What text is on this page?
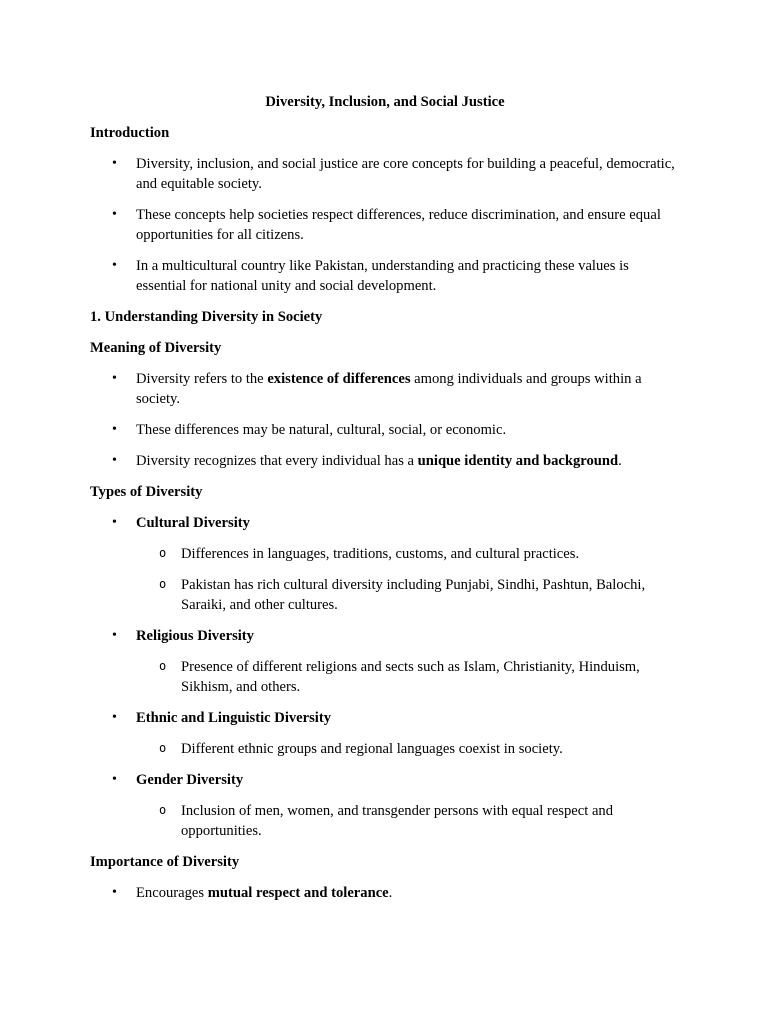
Diversity, Inclusion, and Social Justice
Introduction
• Diversity, inclusion, and social justice are core concepts for building a peaceful, democratic, and equitable society.
• These concepts help societies respect differences, reduce discrimination, and ensure equal opportunities for all citizens.
• In a multicultural country like Pakistan, understanding and practicing these values is essential for national unity and social development.
1. Understanding Diversity in Society
Meaning of Diversity
• Diversity refers to the existence of differences among individuals and groups within a society.
• These differences may be natural, cultural, social, or economic.
• Diversity recognizes that every individual has a unique identity and background.
Types of Diversity
• Cultural Diversity
o Differences in languages, traditions, customs, and cultural practices.
o Pakistan has rich cultural diversity including Punjabi, Sindhi, Pashtun, Balochi, Saraiki, and other cultures.
• Religious Diversity
o Presence of different religions and sects such as Islam, Christianity, Hinduism, Sikhism, and others.
• Ethnic and Linguistic Diversity
o Different ethnic groups and regional languages coexist in society.
• Gender Diversity
o Inclusion of men, women, and transgender persons with equal respect and opportunities.
Importance of Diversity
• Encourages mutual respect and tolerance.
